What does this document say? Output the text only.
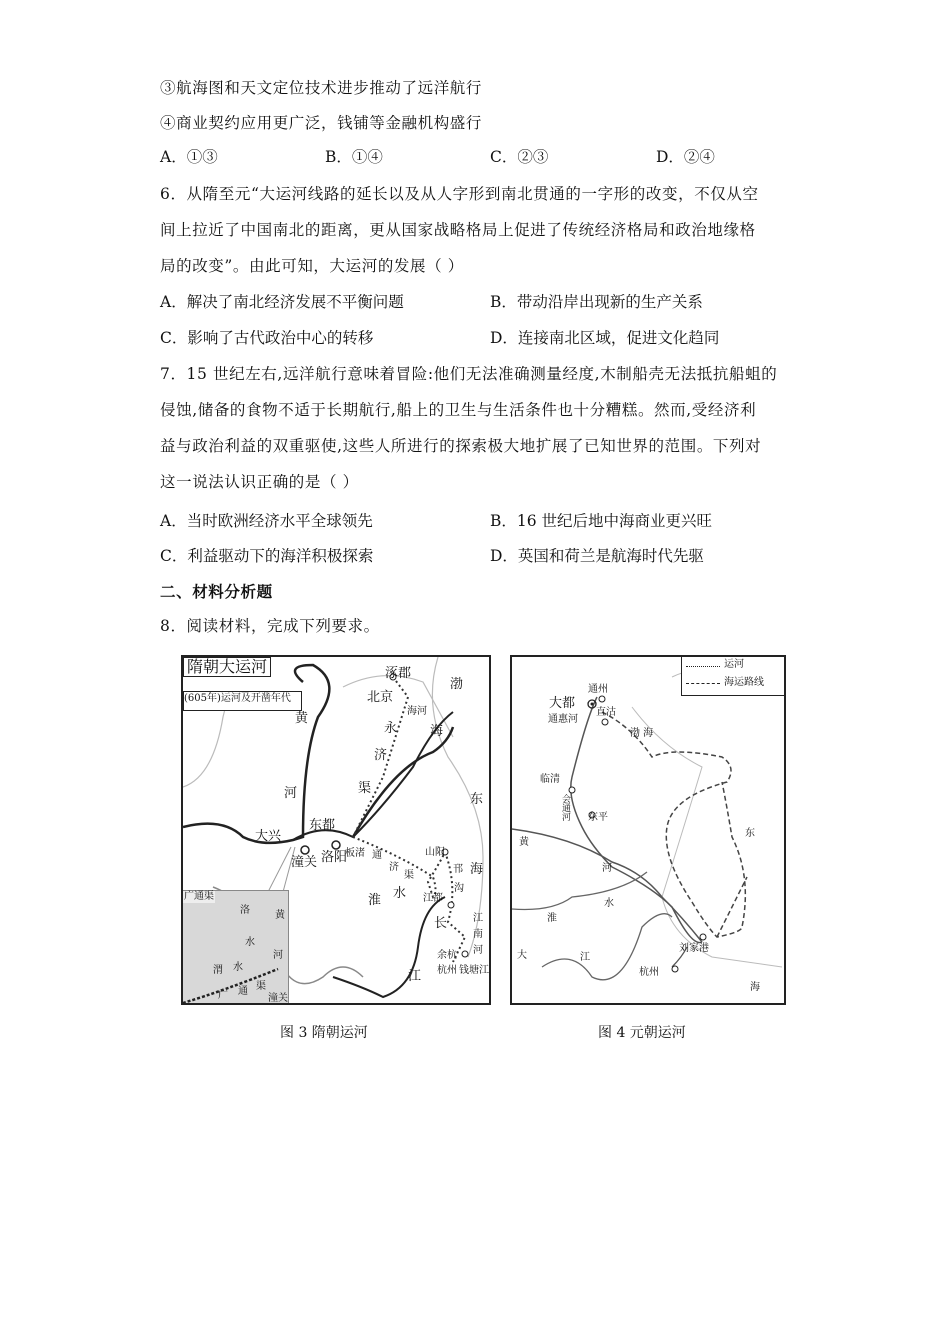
③航海图和天文定位技术进步推动了远洋航行
④商业契约应用更广泛，钱铺等金融机构盛行
A．①③	B．①④	C．②③	D．②④
6．从隋至元“大运河线路的延长以及从人字形到南北贯通的一字形的改变，不仅从空
间上拉近了中国南北的距离，更从国家战略格局上促进了传统经济格局和政治地缘格
局的改变”。由此可知，大运河的发展（ ）
A．解决了南北经济发展不平衡问题	B．带动沿岸出现新的生产关系
C．影响了古代政治中心的转移	D．连接南北区域，促进文化趋同
7．15 世纪左右,远洋航行意味着冒险:他们无法准确测量经度,木制船壳无法抵抗船蛆的
侵蚀,储备的食物不适于长期航行,船上的卫生与生活条件也十分糟糕。然而,受经济利
益与政治利益的双重驱使,这些人所进行的探索极大地扩展了已知世界的范围。下列对
这一说法认识正确的是（ ）
A．当时欧洲经济水平全球领先	B．16 世纪后地中海商业更兴旺
C．利益驱动下的海洋积极探索	D．英国和荷兰是航海时代先驱
二、材料分析题
8．阅读材料，完成下列要求。
隋朝大运河
(605年)运河及开凿年代
涿郡
北京
海河
渤
海
黄
河
永
济
渠
东
海
东都
大兴
潼关 洛阳
板渚 通
济
渠
水
淮
山阳
邗
沟
江都
长	江
南
河
余杭
杭州 钱塘江
江
广通渠
洛
水
黄
河
渭 水
广 通 渠
潼关
图 3 隋朝运河
运河
海运路线
通州
大都
通惠河
直沽
渤 海
临清
会通河 东平
东
黄
河
水
淮
大	江
刘家港
杭州
海
图 4 元朝运河
